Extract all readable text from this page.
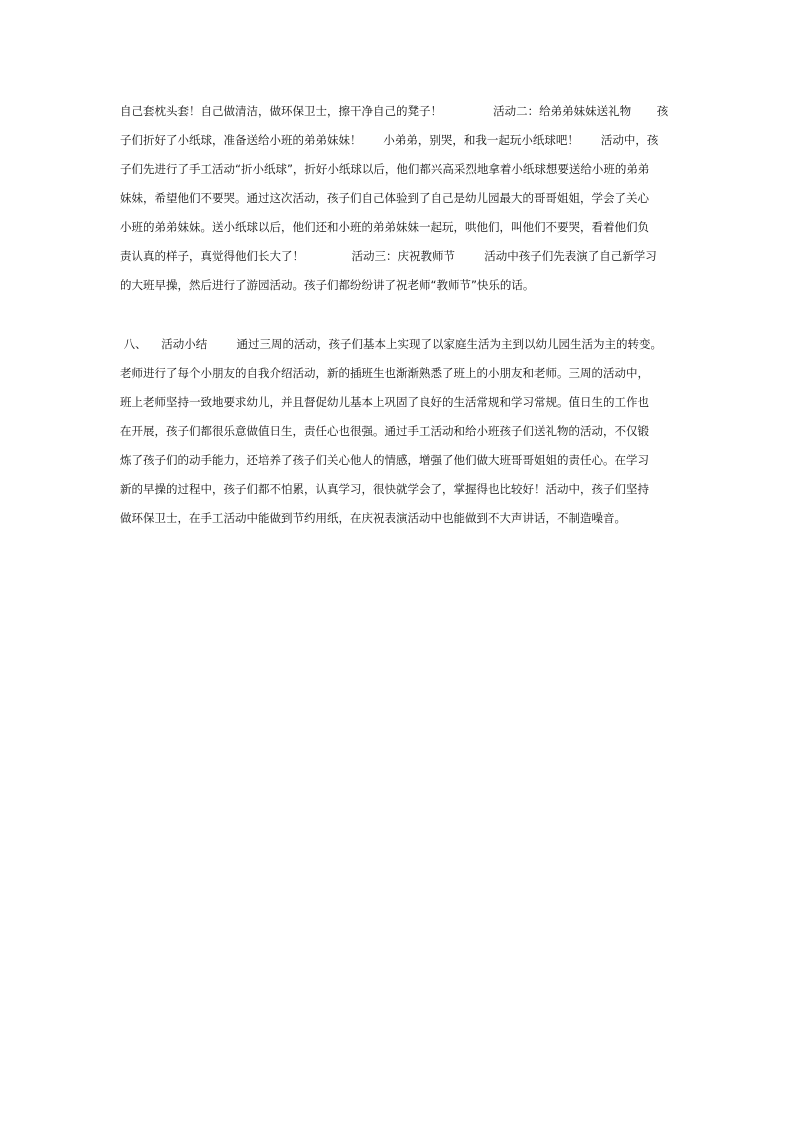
自己套枕头套！自己做清洁，做环保卫士，擦干净自己的凳子！              活动二：给弟弟妹妹送礼物       孩
子们折好了小纸球，准备送给小班的弟弟妹妹！      小弟弟，别哭，和我一起玩小纸球吧！      活动中，孩
子们先进行了手工活动“折小纸球”，折好小纸球以后，他们都兴高采烈地拿着小纸球想要送给小班的弟弟
妹妹，希望他们不要哭。通过这次活动，孩子们自己体验到了自己是幼儿园最大的哥哥姐姐，学会了关心
小班的弟弟妹妹。送小纸球以后，他们还和小班的弟弟妹妹一起玩，哄他们，叫他们不要哭，看着他们负
责认真的样子，真觉得他们长大了！             活动三：庆祝教师节        活动中孩子们先表演了自己新学习
的大班早操，然后进行了游园活动。孩子们都纷纷讲了祝老师“教师节”快乐的话。
八、    活动小结        通过三周的活动，孩子们基本上实现了以家庭生活为主到以幼儿园生活为主的转变。
老师进行了每个小朋友的自我介绍活动，新的插班生也渐渐熟悉了班上的小朋友和老师。三周的活动中，
班上老师坚持一致地要求幼儿，并且督促幼儿基本上巩固了良好的生活常规和学习常规。值日生的工作也
在开展，孩子们都很乐意做值日生，责任心也很强。通过手工活动和给小班孩子们送礼物的活动，不仅锻
炼了孩子们的动手能力，还培养了孩子们关心他人的情感，增强了他们做大班哥哥姐姐的责任心。在学习
新的早操的过程中，孩子们都不怕累，认真学习，很快就学会了，掌握得也比较好！活动中，孩子们坚持
做环保卫士，在手工活动中能做到节约用纸，在庆祝表演活动中也能做到不大声讲话，不制造噪音。
